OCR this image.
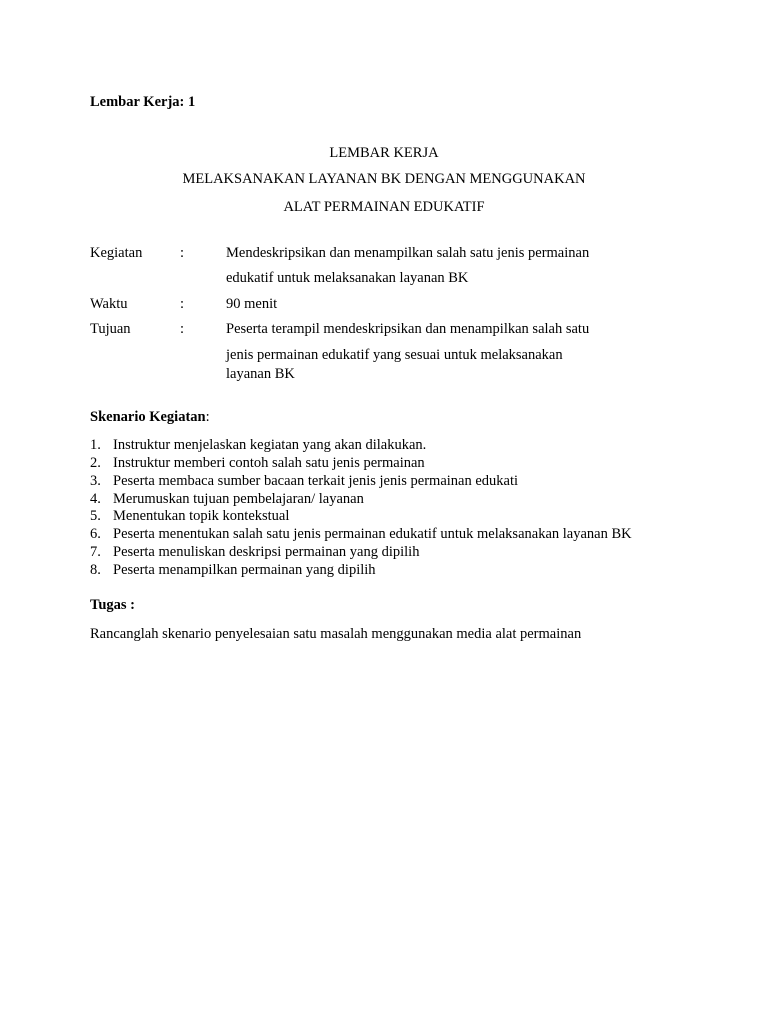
Lembar Kerja: 1
LEMBAR KERJA
MELAKSANAKAN LAYANAN BK DENGAN MENGGUNAKAN
ALAT PERMAINAN EDUKATIF
Kegiatan	:	Mendeskripsikan dan menampilkan salah satu jenis permainan
edukatif untuk melaksanakan layanan BK
Waktu	:	90 menit
Tujuan	:	Peserta terampil mendeskripsikan dan menampilkan salah satu
jenis permainan edukatif yang sesuai untuk melaksanakan
layanan BK
Skenario Kegiatan:
1. Instruktur menjelaskan kegiatan yang akan dilakukan.
2. Instruktur memberi contoh salah satu jenis permainan
3. Peserta membaca sumber bacaan terkait jenis jenis permainan edukati
4. Merumuskan tujuan pembelajaran/ layanan
5. Menentukan topik kontekstual
6. Peserta menentukan salah satu jenis permainan edukatif untuk melaksanakan layanan BK
7. Peserta menuliskan deskripsi permainan yang dipilih
8. Peserta menampilkan permainan yang dipilih
Tugas :
Rancanglah skenario penyelesaian satu masalah menggunakan media alat permainan
